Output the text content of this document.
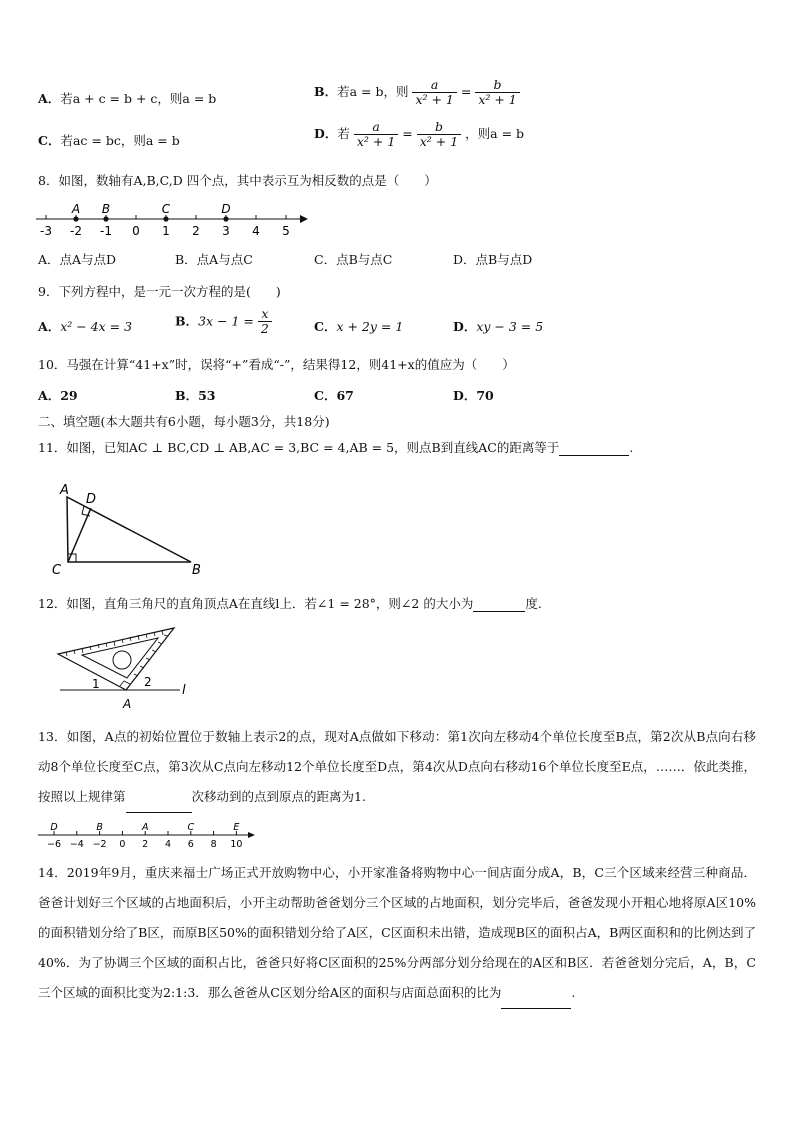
A．若a + c = b + c，则a = b	B．若a = b，则 $\frac{a}{\text{x² + 1}} = \frac{b}{\text{x² + 1}}$
C．若ac = bc，则a = b	D．若 $\frac{a}{\text{x² + 1}} = \frac{b}{\text{x² + 1}}$ ，则a = b
8．如图，数轴有A,B,C,D 四个点，其中表示互为相反数的点是（　　）
-3 -2 -1 0 1 2 3 4 5
A B	C	D
A．点A与点D	B．点A与点C	C．点B与点C	D．点B与点D
9．下列方程中，是一元一次方程的是(　　)
A．x² − 4x = 3	B．$3x - 1 = \frac{x}{2}$	C．x + 2y = 1	D．xy − 3 = 5
10．马强在计算“41+x”时，误将“+”看成“-”，结果得12，则41+x的值应为（　　）
A．29	B．53	C．67	D．70
二、填空题(本大题共有6小题，每小题3分，共18分)
11．如图，已知AC ⊥ BC,CD ⊥ AB,AC = 3,BC = 4,AB = 5，则点B到直线AC的距离等于	.
A
D
C	B
12．如图，直角三角尺的直角顶点A在直线l上．若∠1 = 28°，则∠2 的大小为	度.
1	2
A
l
13．如图，A点的初始位置位于数轴上表示2的点，现对A点做如下移动：第1次向左移动4个单位长度至B点，第2次从B点向右移动8个单位长度至C点，第3次从C点向左移动12个单位长度至D点，第4次从D点向右移动16个单位长度至E点，……．依此类推，按照以上规律第	次移动到的点到原点的距离为1.
−6 −4 −2 0 2 4 6 8 10
D	B	A	C	E
14．2019年9月，重庆来福士广场正式开放购物中心，小开家准备将购物中心一间店面分成A，B，C三个区域来经营三种商品．爸爸计划好三个区域的占地面积后，小开主动帮助爸爸划分三个区域的占地面积，划分完毕后，爸爸发现小开粗心地将原A区10%的面积错划分给了B区，而原B区50%的面积错划分给了A区，C区面积未出错，造成现B区的面积占A，B两区面积和的比例达到了40%．为了协调三个区域的面积占比，爸爸只好将C区面积的25%分两部分划分给现在的A区和B区．若爸爸划分完后，A，B，C三个区域的面积比变为2:1:3．那么爸爸从C区划分给A区的面积与店面总面积的比为	.
